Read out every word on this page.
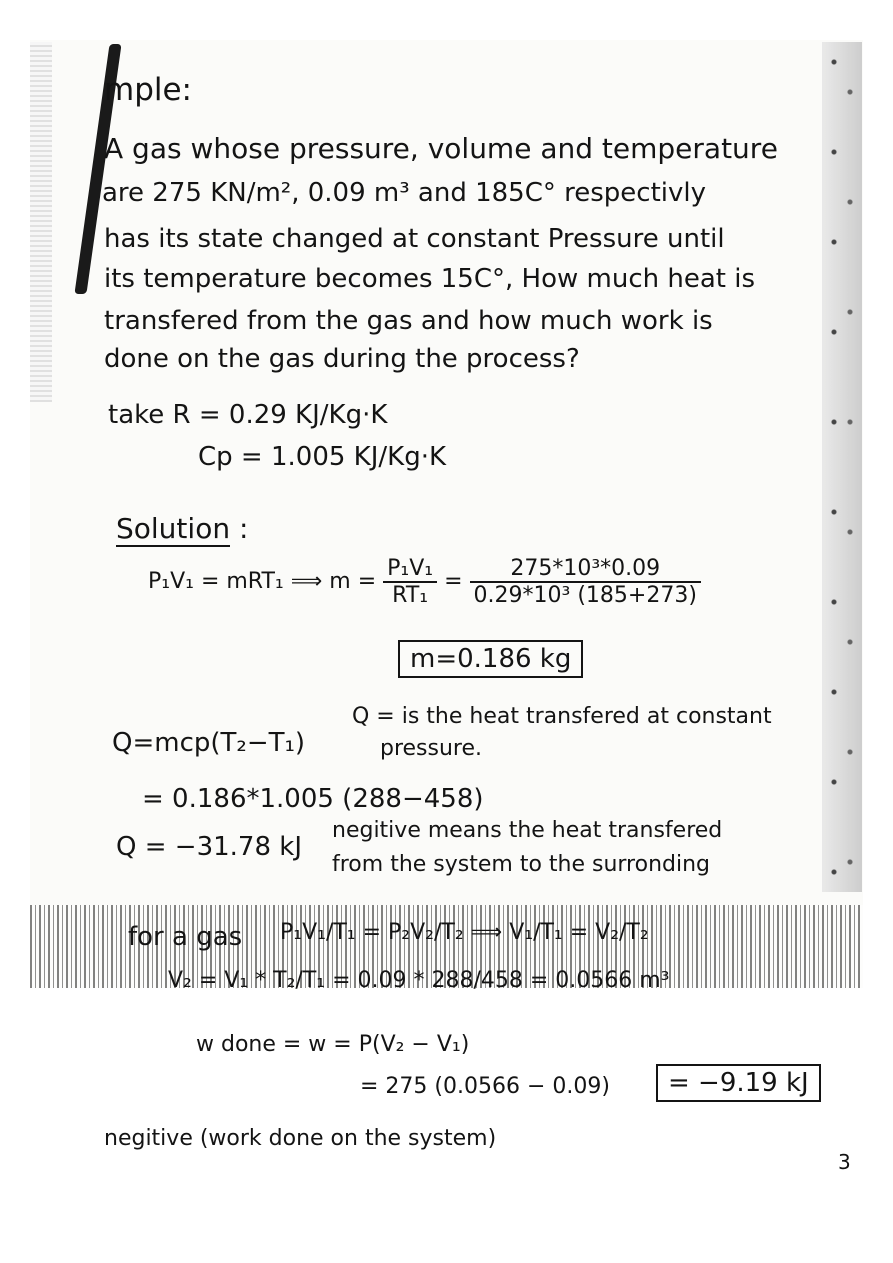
mple:
A gas whose pressure, volume and temperature
are 275 KN/m², 0.09 m³ and 185C° respectivly
has its state changed at constant Pressure until
its temperature becomes 15C°, How much heat is
transfered from the gas and how much work is
done on the gas during the process?
take R = 0.29 KJ/Kg·K
Cp = 1.005 KJ/Kg·K
Solution :
P₁V₁ = mRT₁ ⟹ $m = \frac{\text{P₁V₁}}{\text{RT₁}} = \frac{\text{275*10³*0.09}}{\text{0.29*10³ (185+273)}}$
m=0.186 kg
Q=mcp(T₂−T₁)
Q = is the heat transfered at constant
pressure.
= 0.186*1.005 (288−458)
Q = −31.78 kJ
negitive means the heat transfered
from the system to the surronding
for a gas P₁V₁/T₁ = P₂V₂/T₂ ⟹ V₁/T₁ = V₂/T₂
V₂ = V₁ * T₂/T₁ = 0.09 * 288/458 = 0.0566 m³
w done = w = P(V₂ − V₁)
= 275 (0.0566 − 0.09)	= −9.19 kJ
negitive (work done on the system)
3
